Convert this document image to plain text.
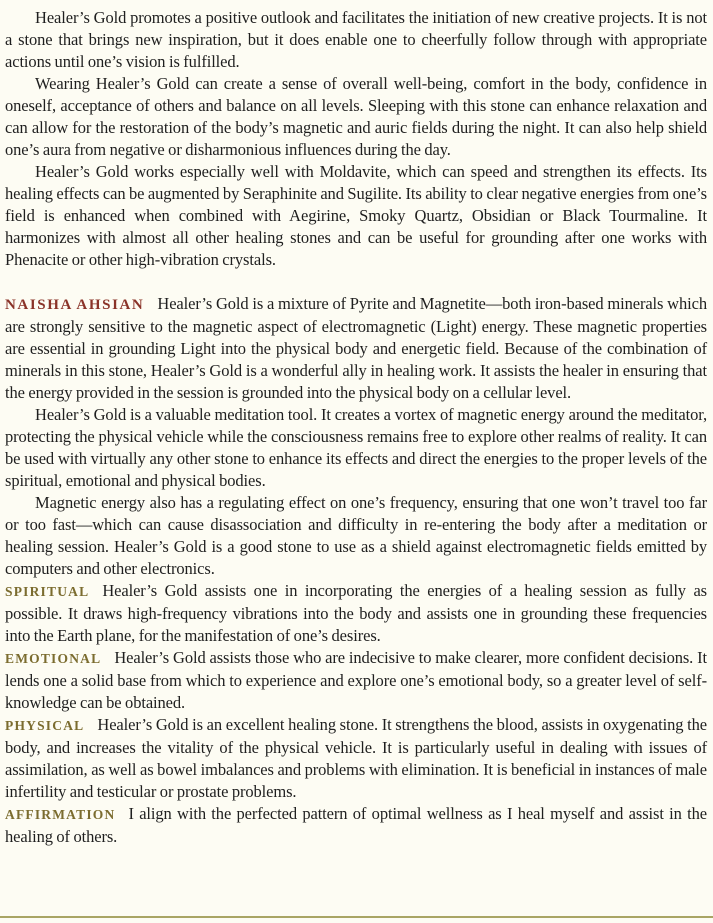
Healer’s Gold promotes a positive outlook and facilitates the initiation of new creative projects. It is not a stone that brings new inspiration, but it does enable one to cheerfully follow through with appropriate actions until one’s vision is fulfilled.

Wearing Healer’s Gold can create a sense of overall well-being, comfort in the body, confidence in oneself, acceptance of others and balance on all levels. Sleeping with this stone can enhance relaxation and can allow for the restoration of the body’s magnetic and auric fields during the night. It can also help shield one’s aura from negative or disharmonious influences during the day.

Healer’s Gold works especially well with Moldavite, which can speed and strengthen its effects. Its healing effects can be augmented by Seraphinite and Sugilite. Its ability to clear negative energies from one’s field is enhanced when combined with Aegirine, Smoky Quartz, Obsidian or Black Tourmaline. It harmonizes with almost all other healing stones and can be useful for grounding after one works with Phenacite or other high-vibration crystals.

NAISHA AHSIAN Healer’s Gold is a mixture of Pyrite and Magnetite—both iron-based minerals which are strongly sensitive to the magnetic aspect of electromagnetic (Light) energy. These magnetic properties are essential in grounding Light into the physical body and energetic field. Because of the combination of minerals in this stone, Healer’s Gold is a wonderful ally in healing work. It assists the healer in ensuring that the energy provided in the session is grounded into the physical body on a cellular level.

Healer’s Gold is a valuable meditation tool. It creates a vortex of magnetic energy around the meditator, protecting the physical vehicle while the consciousness remains free to explore other realms of reality. It can be used with virtually any other stone to enhance its effects and direct the energies to the proper levels of the spiritual, emotional and physical bodies.

Magnetic energy also has a regulating effect on one’s frequency, ensuring that one won’t travel too far or too fast—which can cause disassociation and difficulty in re-entering the body after a meditation or healing session. Healer’s Gold is a good stone to use as a shield against electromagnetic fields emitted by computers and other electronics.

SPIRITUAL Healer’s Gold assists one in incorporating the energies of a healing session as fully as possible. It draws high-frequency vibrations into the body and assists one in grounding these frequencies into the Earth plane, for the manifestation of one’s desires.

EMOTIONAL Healer’s Gold assists those who are indecisive to make clearer, more confident decisions. It lends one a solid base from which to experience and explore one’s emotional body, so a greater level of self-knowledge can be obtained.

PHYSICAL Healer’s Gold is an excellent healing stone. It strengthens the blood, assists in oxygenating the body, and increases the vitality of the physical vehicle. It is particularly useful in dealing with issues of assimilation, as well as bowel imbalances and problems with elimination. It is beneficial in instances of male infertility and testicular or prostate problems.

AFFIRMATION I align with the perfected pattern of optimal wellness as I heal myself and assist in the healing of others.
